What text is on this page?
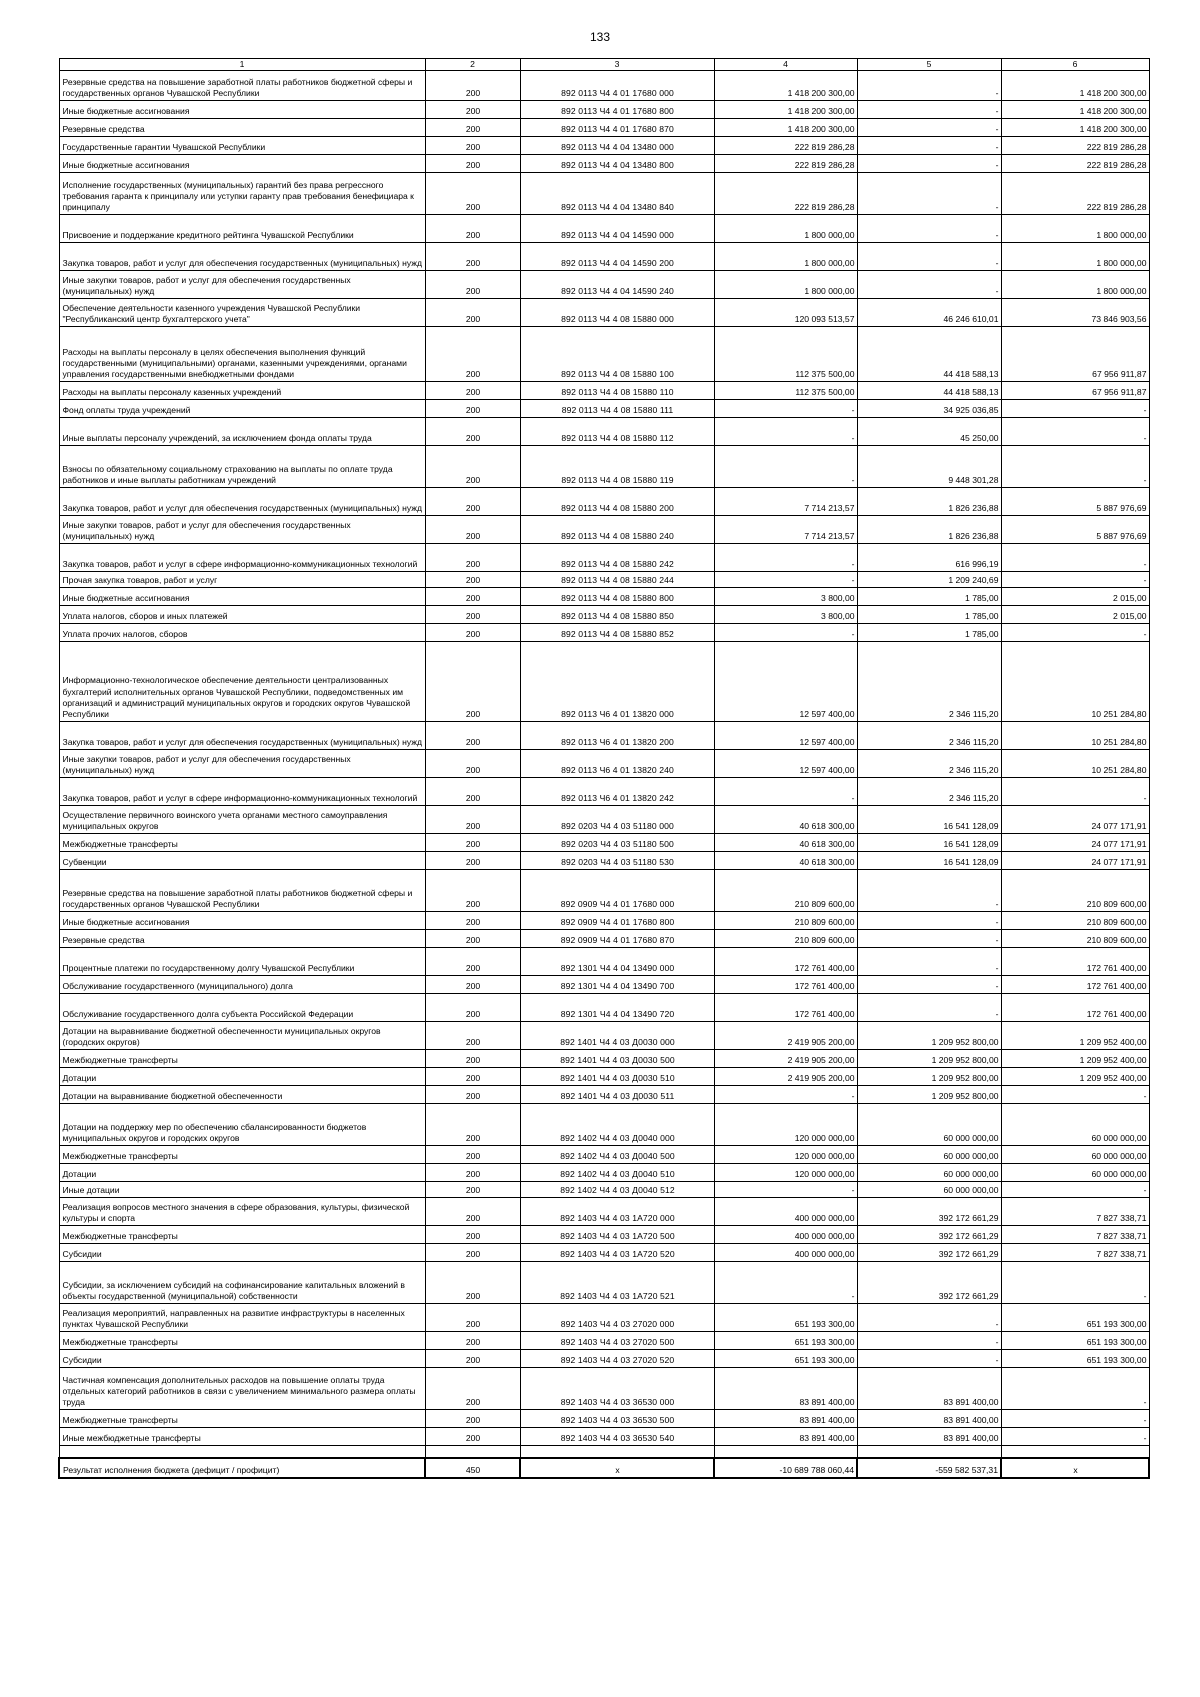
133
1	2	3	4	5	6
Резервные средства на повышение заработной платы работников бюджетной сферы и государственных органов Чувашской Республики	200	892 0113 Ч4 4 01 17680 000	1 418 200 300,00	-	1 418 200 300,00
Иные бюджетные ассигнования	200	892 0113 Ч4 4 01 17680 800	1 418 200 300,00	-	1 418 200 300,00
Резервные средства	200	892 0113 Ч4 4 01 17680 870	1 418 200 300,00	-	1 418 200 300,00
Государственные гарантии Чувашской Республики	200	892 0113 Ч4 4 04 13480 000	222 819 286,28	-	222 819 286,28
Иные бюджетные ассигнования	200	892 0113 Ч4 4 04 13480 800	222 819 286,28	-	222 819 286,28
Исполнение государственных (муниципальных) гарантий без права регрессного требования гаранта к принципалу или уступки гаранту прав требования бенефициара к принципалу	200	892 0113 Ч4 4 04 13480 840	222 819 286,28	-	222 819 286,28
Присвоение и поддержание кредитного рейтинга Чувашской Республики	200	892 0113 Ч4 4 04 14590 000	1 800 000,00	-	1 800 000,00
Закупка товаров, работ и услуг для обеспечения государственных (муниципальных) нужд	200	892 0113 Ч4 4 04 14590 200	1 800 000,00	-	1 800 000,00
Иные закупки товаров, работ и услуг для обеспечения государственных (муниципальных) нужд	200	892 0113 Ч4 4 04 14590 240	1 800 000,00	-	1 800 000,00
Обеспечение деятельности казенного учреждения Чувашской Республики "Республиканский центр бухгалтерского учета"	200	892 0113 Ч4 4 08 15880 000	120 093 513,57	46 246 610,01	73 846 903,56
Расходы на выплаты персоналу в целях обеспечения выполнения функций государственными (муниципальными) органами, казенными учреждениями, органами управления государственными внебюджетными фондами	200	892 0113 Ч4 4 08 15880 100	112 375 500,00	44 418 588,13	67 956 911,87
Расходы на выплаты персоналу казенных учреждений	200	892 0113 Ч4 4 08 15880 110	112 375 500,00	44 418 588,13	67 956 911,87
Фонд оплаты труда учреждений	200	892 0113 Ч4 4 08 15880 111	-	34 925 036,85	-
Иные выплаты персоналу учреждений, за исключением фонда оплаты труда	200	892 0113 Ч4 4 08 15880 112	-	45 250,00	-
Взносы по обязательному социальному страхованию на выплаты по оплате труда работников и иные выплаты работникам учреждений	200	892 0113 Ч4 4 08 15880 119	-	9 448 301,28	-
Закупка товаров, работ и услуг для обеспечения государственных (муниципальных) нужд	200	892 0113 Ч4 4 08 15880 200	7 714 213,57	1 826 236,88	5 887 976,69
Иные закупки товаров, работ и услуг для обеспечения государственных (муниципальных) нужд	200	892 0113 Ч4 4 08 15880 240	7 714 213,57	1 826 236,88	5 887 976,69
Закупка товаров, работ и услуг в сфере информационно-коммуникационных технологий	200	892 0113 Ч4 4 08 15880 242	-	616 996,19	-
Прочая закупка товаров, работ и услуг	200	892 0113 Ч4 4 08 15880 244	-	1 209 240,69	-
Иные бюджетные ассигнования	200	892 0113 Ч4 4 08 15880 800	3 800,00	1 785,00	2 015,00
Уплата налогов, сборов и иных платежей	200	892 0113 Ч4 4 08 15880 850	3 800,00	1 785,00	2 015,00
Уплата прочих налогов, сборов	200	892 0113 Ч4 4 08 15880 852	-	1 785,00	-
Информационно-технологическое обеспечение деятельности централизованных бухгалтерий исполнительных органов Чувашской Республики, подведомственных им организаций и администраций муниципальных округов и городских округов Чувашской Республики	200	892 0113 Ч6 4 01 13820 000	12 597 400,00	2 346 115,20	10 251 284,80
Закупка товаров, работ и услуг для обеспечения государственных (муниципальных) нужд	200	892 0113 Ч6 4 01 13820 200	12 597 400,00	2 346 115,20	10 251 284,80
Иные закупки товаров, работ и услуг для обеспечения государственных (муниципальных) нужд	200	892 0113 Ч6 4 01 13820 240	12 597 400,00	2 346 115,20	10 251 284,80
Закупка товаров, работ и услуг в сфере информационно-коммуникационных технологий	200	892 0113 Ч6 4 01 13820 242	-	2 346 115,20	-
Осуществление первичного воинского учета органами местного самоуправления муниципальных округов	200	892 0203 Ч4 4 03 51180 000	40 618 300,00	16 541 128,09	24 077 171,91
Межбюджетные трансферты	200	892 0203 Ч4 4 03 51180 500	40 618 300,00	16 541 128,09	24 077 171,91
Субвенции	200	892 0203 Ч4 4 03 51180 530	40 618 300,00	16 541 128,09	24 077 171,91
Резервные средства на повышение заработной платы работников бюджетной сферы и государственных органов Чувашской Республики	200	892 0909 Ч4 4 01 17680 000	210 809 600,00	-	210 809 600,00
Иные бюджетные ассигнования	200	892 0909 Ч4 4 01 17680 800	210 809 600,00	-	210 809 600,00
Резервные средства	200	892 0909 Ч4 4 01 17680 870	210 809 600,00	-	210 809 600,00
Процентные платежи по государственному долгу Чувашской Республики	200	892 1301 Ч4 4 04 13490 000	172 761 400,00	-	172 761 400,00
Обслуживание государственного (муниципального) долга	200	892 1301 Ч4 4 04 13490 700	172 761 400,00	-	172 761 400,00
Обслуживание государственного долга субъекта Российской Федерации	200	892 1301 Ч4 4 04 13490 720	172 761 400,00	-	172 761 400,00
Дотации на выравнивание бюджетной обеспеченности муниципальных округов (городских округов)	200	892 1401 Ч4 4 03 Д0030 000	2 419 905 200,00	1 209 952 800,00	1 209 952 400,00
Межбюджетные трансферты	200	892 1401 Ч4 4 03 Д0030 500	2 419 905 200,00	1 209 952 800,00	1 209 952 400,00
Дотации	200	892 1401 Ч4 4 03 Д0030 510	2 419 905 200,00	1 209 952 800,00	1 209 952 400,00
Дотации на выравнивание бюджетной обеспеченности	200	892 1401 Ч4 4 03 Д0030 511	-	1 209 952 800,00	-
Дотации на поддержку мер по обеспечению сбалансированности бюджетов муниципальных округов и городских округов	200	892 1402 Ч4 4 03 Д0040 000	120 000 000,00	60 000 000,00	60 000 000,00
Межбюджетные трансферты	200	892 1402 Ч4 4 03 Д0040 500	120 000 000,00	60 000 000,00	60 000 000,00
Дотации	200	892 1402 Ч4 4 03 Д0040 510	120 000 000,00	60 000 000,00	60 000 000,00
Иные дотации	200	892 1402 Ч4 4 03 Д0040 512	-	60 000 000,00	-
Реализация вопросов местного значения в сфере образования, культуры, физической культуры и спорта	200	892 1403 Ч4 4 03 1А720 000	400 000 000,00	392 172 661,29	7 827 338,71
Межбюджетные трансферты	200	892 1403 Ч4 4 03 1А720 500	400 000 000,00	392 172 661,29	7 827 338,71
Субсидии	200	892 1403 Ч4 4 03 1А720 520	400 000 000,00	392 172 661,29	7 827 338,71
Субсидии, за исключением субсидий на софинансирование капитальных вложений в объекты государственной (муниципальной) собственности	200	892 1403 Ч4 4 03 1А720 521	-	392 172 661,29	-
Реализация мероприятий, направленных на развитие инфраструктуры в населенных пунктах Чувашской Республики	200	892 1403 Ч4 4 03 27020 000	651 193 300,00	-	651 193 300,00
Межбюджетные трансферты	200	892 1403 Ч4 4 03 27020 500	651 193 300,00	-	651 193 300,00
Субсидии	200	892 1403 Ч4 4 03 27020 520	651 193 300,00	-	651 193 300,00
Частичная компенсация дополнительных расходов на повышение оплаты труда отдельных категорий работников в связи с увеличением минимального размера оплаты труда	200	892 1403 Ч4 4 03 36530 000	83 891 400,00	83 891 400,00	-
Межбюджетные трансферты	200	892 1403 Ч4 4 03 36530 500	83 891 400,00	83 891 400,00	-
Иные межбюджетные трансферты	200	892 1403 Ч4 4 03 36530 540	83 891 400,00	83 891 400,00	-

Результат исполнения бюджета (дефицит / профицит)	450	x	-10 689 788 060,44	-559 582 537,31	x
